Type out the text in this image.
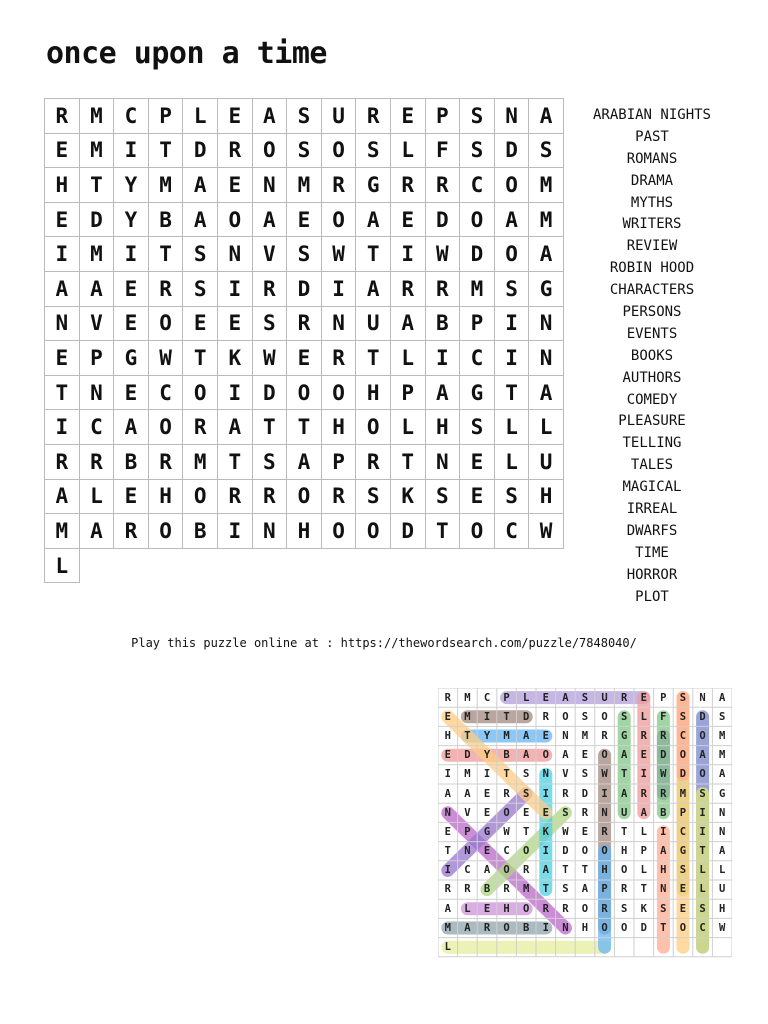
once upon a time
R	M	C	P	L	E	A	S	U	R	E	P	S	N	A
E	M	I	T	D	R	O	S	O	S	L	F	S	D	S
H	T	Y	M	A	E	N	M	R	G	R	R	C	O	M
E	D	Y	B	A	O	A	E	O	A	E	D	O	A	M
I	M	I	T	S	N	V	S	W	T	I	W	D	O	A
A	A	E	R	S	I	R	D	I	A	R	R	M	S	G
N	V	E	O	E	E	S	R	N	U	A	B	P	I	N
E	P	G	W	T	K	W	E	R	T	L	I	C	I	N
T	N	E	C	O	I	D	O	O	H	P	A	G	T	A
I	C	A	O	R	A	T	T	H	O	L	H	S	L	L
R	R	B	R	M	T	S	A	P	R	T	N	E	L	U
A	L	E	H	O	R	R	O	R	S	K	S	E	S	H
M	A	R	O	B	I	N	H	O	O	D	T	O	C	W
L
ARABIAN NIGHTS
PAST
ROMANS
DRAMA
MYTHS
WRITERS
REVIEW
ROBIN HOOD
CHARACTERS
PERSONS
EVENTS
BOOKS
AUTHORS
COMEDY
PLEASURE
TELLING
TALES
MAGICAL
IRREAL
DWARFS
TIME
HORROR
PLOT
Play this puzzle online at : https://thewordsearch.com/puzzle/7848040/
R	M	C	P	L	E	A	S	U	R	E	P	S	N	A
E	M	I	T	D	R	O	S	O	S	L	F	S	D	S
H	T	Y	M	A	E	N	M	R	G	R	R	C	O	M
E	D	Y	B	A	O	A	E	O	A	E	D	O	A	M
I	M	I	T	S	N	V	S	W	T	I	W	D	O	A
A	A	E	R	S	I	R	D	I	A	R	R	M	S	G
N	V	E	O	E	E	S	R	N	U	A	B	P	I	N
E	P	G	W	T	K	W	E	R	T	L	I	C	I	N
T	N	E	C	O	I	D	O	O	H	P	A	G	T	A
I	C	A	O	R	A	T	T	H	O	L	H	S	L	L
R	R	B	R	M	T	S	A	P	R	T	N	E	L	U
A	L	E	H	O	R	R	O	R	S	K	S	E	S	H
M	A	R	O	B	I	N	H	O	O	D	T	O	C	W
L
